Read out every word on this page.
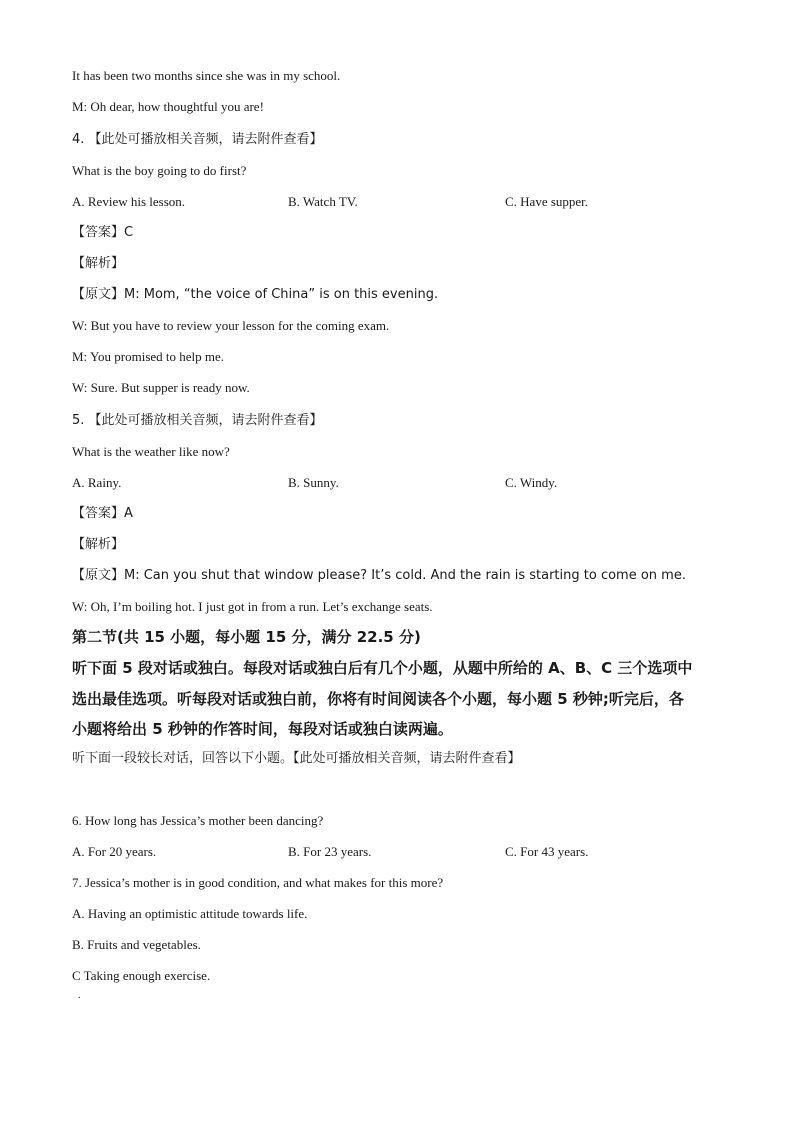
It has been two months since she was in my school.
M: Oh dear, how thoughtful you are!
4. 【此处可播放相关音频，请去附件查看】
What is the boy going to do first?
A. Review his lesson.	B. Watch TV.	C. Have supper.
【答案】C
【解析】
【原文】M: Mom, “the voice of China” is on this evening.
W: But you have to review your lesson for the coming exam.
M: You promised to help me.
W: Sure. But supper is ready now.
5. 【此处可播放相关音频，请去附件查看】
What is the weather like now?
A. Rainy.	B. Sunny.	C. Windy.
【答案】A
【解析】
【原文】M: Can you shut that window please? It’s cold. And the rain is starting to come on me.
W: Oh, I’m boiling hot. I just got in from a run. Let’s exchange seats.
第二节(共 15 小题，每小题 15 分，满分 22.5 分)
听下面 5 段对话或独白。每段对话或独白后有几个小题，从题中所给的 A、B、C 三个选项中
选出最佳选项。听每段对话或独白前，你将有时间阅读各个小题，每小题 5 秒钟;听完后，各
小题将给出 5 秒钟的作答时间，每段对话或独白读两遍。
听下面一段较长对话，回答以下小题。【此处可播放相关音频，请去附件查看】
6. How long has Jessica’s mother been dancing?
A. For 20 years.	B. For 23 years.	C. For 43 years.
7. Jessica’s mother is in good condition, and what makes for this more?
A. Having an optimistic attitude towards life.
B. Fruits and vegetables.
C Taking enough exercise.
.
